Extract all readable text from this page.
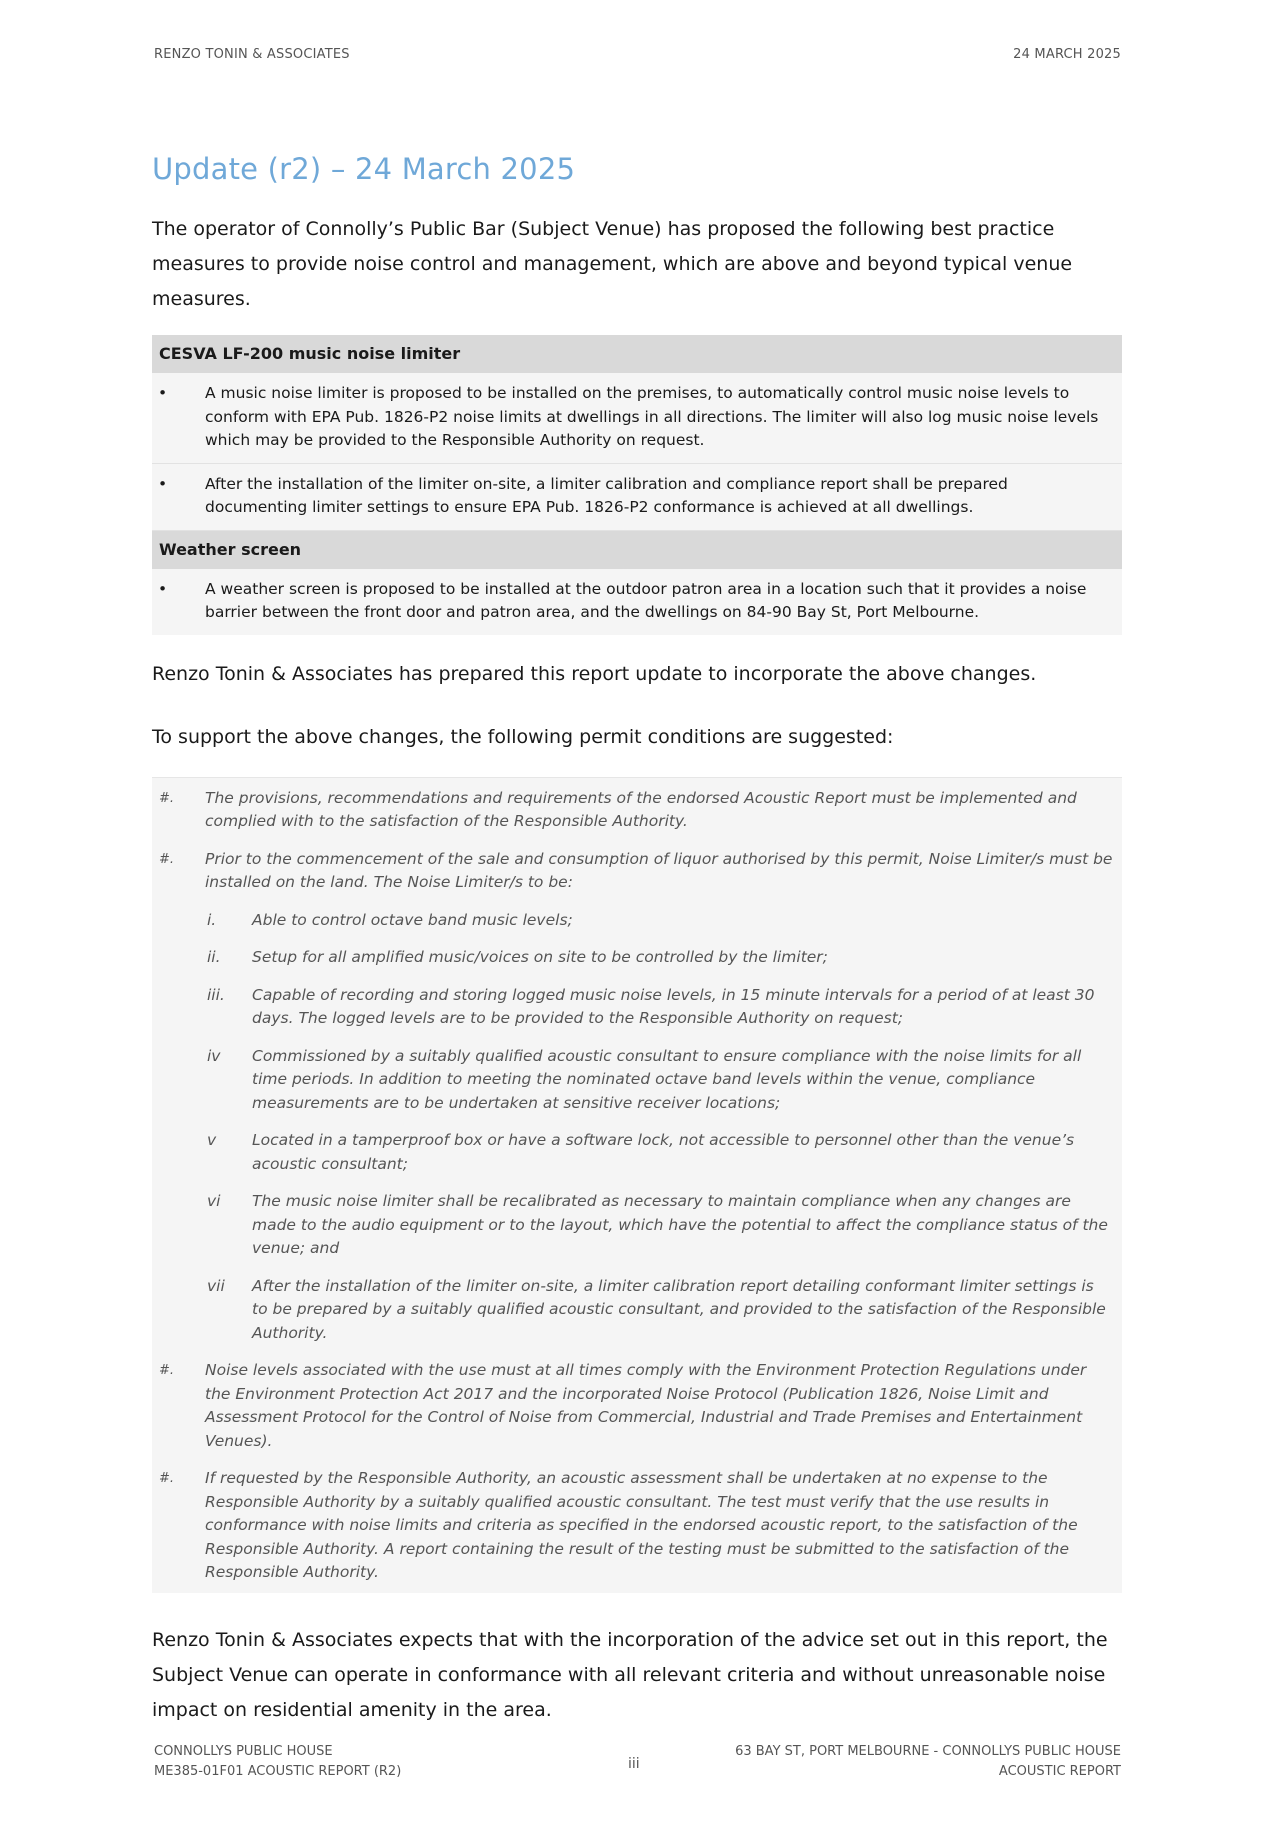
RENZO TONIN & ASSOCIATES	24 MARCH 2025
Update (r2) – 24 March 2025

The operator of Connolly’s Public Bar (Subject Venue) has proposed the following best practice measures to provide noise control and management, which are above and beyond typical venue measures.

CESVA LF-200 music noise limiter
•	A music noise limiter is proposed to be installed on the premises, to automatically control music noise levels to conform with EPA Pub. 1826-P2 noise limits at dwellings in all directions. The limiter will also log music noise levels which may be provided to the Responsible Authority on request.
•	After the installation of the limiter on-site, a limiter calibration and compliance report shall be prepared documenting limiter settings to ensure EPA Pub. 1826-P2 conformance is achieved at all dwellings.
Weather screen
•	A weather screen is proposed to be installed at the outdoor patron area in a location such that it provides a noise barrier between the front door and patron area, and the dwellings on 84-90 Bay St, Port Melbourne.

Renzo Tonin & Associates has prepared this report update to incorporate the above changes.

To support the above changes, the following permit conditions are suggested:

#.	The provisions, recommendations and requirements of the endorsed Acoustic Report must be implemented and complied with to the satisfaction of the Responsible Authority.
#.	Prior to the commencement of the sale and consumption of liquor authorised by this permit, Noise Limiter/s must be installed on the land. The Noise Limiter/s to be:
i.	Able to control octave band music levels;
ii.	Setup for all amplified music/voices on site to be controlled by the limiter;
iii.	Capable of recording and storing logged music noise levels, in 15 minute intervals for a period of at least 30 days. The logged levels are to be provided to the Responsible Authority on request;
iv	Commissioned by a suitably qualified acoustic consultant to ensure compliance with the noise limits for all time periods. In addition to meeting the nominated octave band levels within the venue, compliance measurements are to be undertaken at sensitive receiver locations;
v	Located in a tamperproof box or have a software lock, not accessible to personnel other than the venue’s acoustic consultant;
vi	The music noise limiter shall be recalibrated as necessary to maintain compliance when any changes are made to the audio equipment or to the layout, which have the potential to affect the compliance status of the venue; and
vii	After the installation of the limiter on-site, a limiter calibration report detailing conformant limiter settings is to be prepared by a suitably qualified acoustic consultant, and provided to the satisfaction of the Responsible Authority.
#.	Noise levels associated with the use must at all times comply with the Environment Protection Regulations under the Environment Protection Act 2017 and the incorporated Noise Protocol (Publication 1826, Noise Limit and Assessment Protocol for the Control of Noise from Commercial, Industrial and Trade Premises and Entertainment Venues).
#.	If requested by the Responsible Authority, an acoustic assessment shall be undertaken at no expense to the Responsible Authority by a suitably qualified acoustic consultant. The test must verify that the use results in conformance with noise limits and criteria as specified in the endorsed acoustic report, to the satisfaction of the Responsible Authority. A report containing the result of the testing must be submitted to the satisfaction of the Responsible Authority.

Renzo Tonin & Associates expects that with the incorporation of the advice set out in this report, the Subject Venue can operate in conformance with all relevant criteria and without unreasonable noise impact on residential amenity in the area.

CONNOLLYS PUBLIC HOUSE
ME385-01F01 ACOUSTIC REPORT (R2)	iii
63 BAY ST, PORT MELBOURNE - CONNOLLYS PUBLIC HOUSE
ACOUSTIC REPORT
